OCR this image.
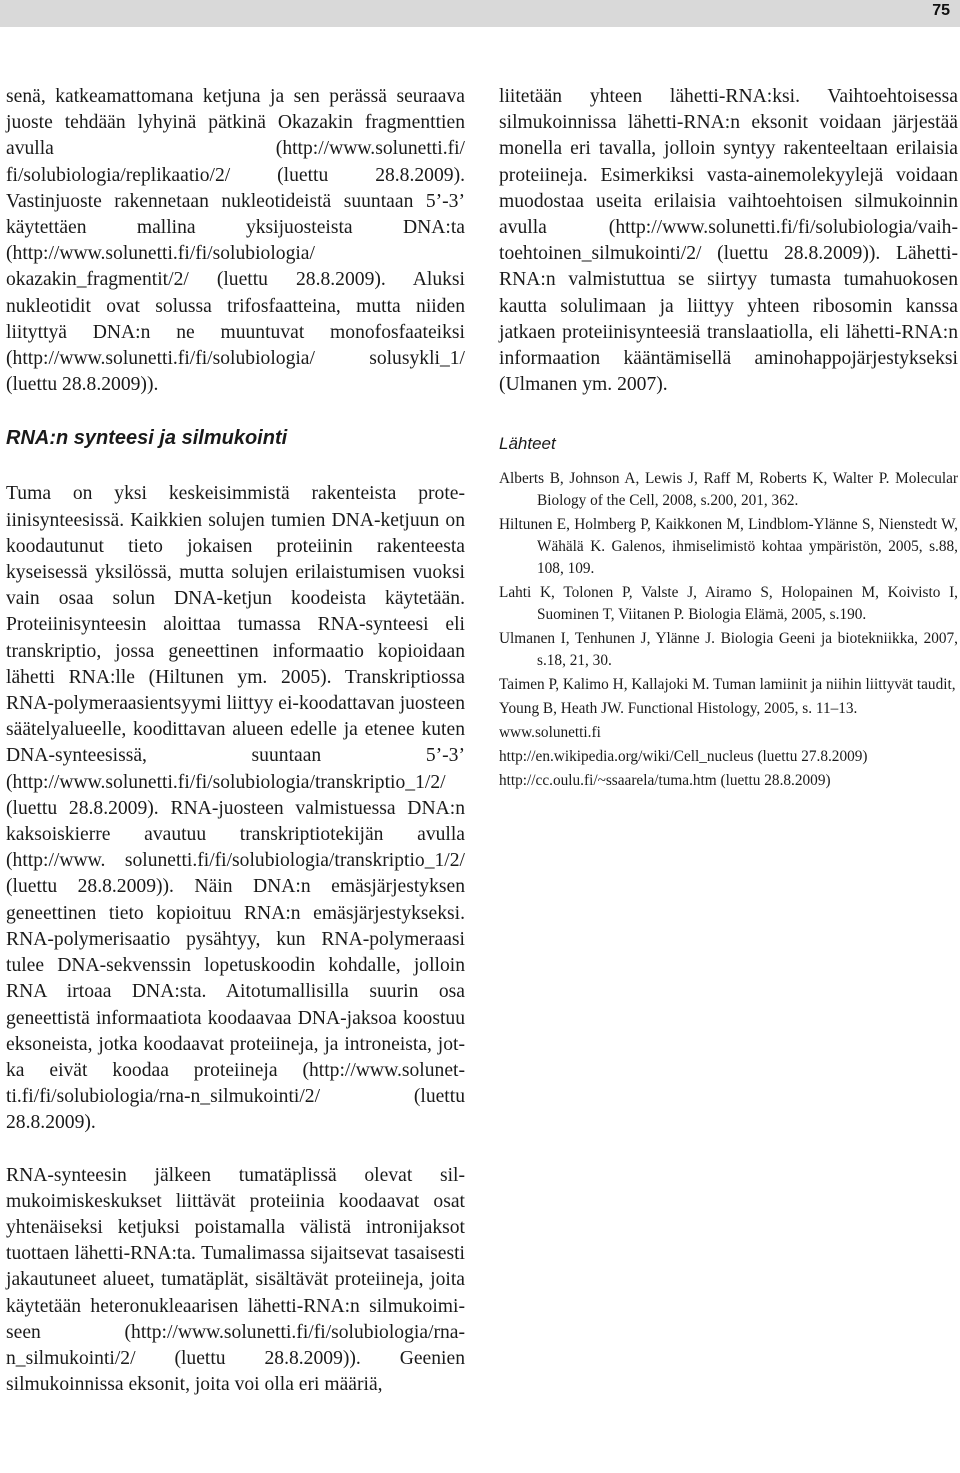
75

senä, katkeamattomana ketjuna ja sen perässä seuraava juoste tehdään lyhyinä pätkinä Okazakin fragmenttien avulla (http://www.solunetti.fi/ fi/solubiologia/replikaatio/2/ (luettu 28.8.2009). Vastinjuoste rakennetaan nukleotideistä suuntaan 5’-3’ käytettäen mallina yksijuosteista DNA:ta (http://www.solunetti.fi/fi/solubiologia/ okazakin_fragmentit/2/ (luettu 28.8.2009). Aluksi nukleotidit ovat solussa trifosfaatteina, mutta niiden liityttyä DNA:n ne muuntuvat monofosfaateiksi (http://www.solunetti.fi/fi/solubiologia/ solusykli_1/ (luettu 28.8.2009)).

RNA:n synteesi ja silmukointi

Tuma on yksi keskeisimmistä rakenteista proteiinisynteesissä. Kaikkien solujen tumien DNA-ketjuun on koodautunut tieto jokaisen proteiinin rakenteesta kyseisessä yksilössä, mutta solujen erilaistumisen vuoksi vain osaa solun DNA-ketjun koodeista käytetään. Proteiinisynteesin aloittaa tumassa RNA-synteesi eli transkriptio, jossa geneettinen informaatio kopioidaan lähetti RNA:lle (Hiltunen ym. 2005). Transkriptiossa RNA-polymeraasientsyymi liittyy ei-koodattavan juosteen säätelyalueelle, koodittavan alueen edelle ja etenee kuten DNA-synteesissä, suuntaan 5’-3’ (http://www.solunetti.fi/fi/solubiologia/transkriptio_1/2/ (luettu 28.8.2009). RNA-juosteen valmistuessa DNA:n kaksoiskierre avautuu transkriptiotekijän avulla (http://www. solunetti.fi/fi/solubiologia/transkriptio_1/2/ (luettu 28.8.2009)). Näin DNA:n emäsjärjestyksen geneettinen tieto kopioituu RNA:n emäsjärjestykseksi. RNA-polymerisaatio pysähtyy, kun RNA-polymeraasi tulee DNA-sekvenssin lopetuskoodin kohdalle, jolloin RNA irtoaa DNA:sta. Aitotumallisilla suurin osa geneettistä informaatiota koodaavaa DNA-jaksoa koostuu eksoneista, jotka koodaavat proteiineja, ja introneista, jotka eivät koodaa proteiineja (http://www.solunetti.fi/fi/solubiologia/rna-n_silmukointi/2/ (luettu 28.8.2009).

RNA-synteesin jälkeen tumatäplissä olevat silmukoimiskeskukset liittävät proteiinia koodaavat osat yhtenäiseksi ketjuksi poistamalla välistä intronijaksot tuottaen lähetti-RNA:ta. Tumalimassa sijaitsevat tasaisesti jakautuneet alueet, tumatäplät, sisältävät proteiineja, joita käytetään heteronukleaarisen lähetti-RNA:n silmukoimiseen (http://www.solunetti.fi/fi/solubiologia/rna-n_silmukointi/2/ (luettu 28.8.2009)). Geenien silmukoinnissa eksonit, joita voi olla eri määriä,

liitetään yhteen lähetti-RNA:ksi. Vaihtoehtoisessa silmukoinnissa lähetti-RNA:n eksonit voidaan järjestää monella eri tavalla, jolloin syntyy rakenteeltaan erilaisia proteiineja. Esimerkiksi vasta-ainemolekyylejä voidaan muodostaa useita erilaisia vaihtoehtoisen silmukoinnin avulla (http://www.solunetti.fi/fi/solubiologia/vaihtoehtoinen_silmukointi/2/ (luettu 28.8.2009)). Lähetti-RNA:n valmistuttua se siirtyy tumasta tumahuokosen kautta solulimaan ja liittyy yhteen ribosomin kanssa jatkaen proteiinisynteesiä translaatiolla, eli lähetti-RNA:n informaation kääntämisellä aminohappojärjestykseksi (Ulmanen ym. 2007).

Lähteet

Alberts B, Johnson A, Lewis J, Raff M, Roberts K, Walter P. Molecular Biology of the Cell, 2008, s.200, 201, 362.

Hiltunen E, Holmberg P, Kaikkonen M, Lindblom-Ylänne S, Nienstedt W, Wähälä K. Galenos, ihmiselimistö kohtaa ympäristön, 2005, s.88, 108, 109.

Lahti K, Tolonen P, Valste J, Airamo S, Holopainen M, Koivisto I, Suominen T, Viitanen P. Biologia Elämä, 2005, s.190.

Ulmanen I, Tenhunen J, Ylänne J. Biologia Geeni ja biotekniikka, 2007, s.18, 21, 30.

Taimen P, Kalimo H, Kallajoki M. Tuman lamiinit ja niihin liittyvät taudit,

Young B, Heath JW. Functional Histology, 2005, s. 11–13.

www.solunetti.fi

http://en.wikipedia.org/wiki/Cell_nucleus (luettu 27.8.2009)

http://cc.oulu.fi/~ssaarela/tuma.htm (luettu 28.8.2009)
